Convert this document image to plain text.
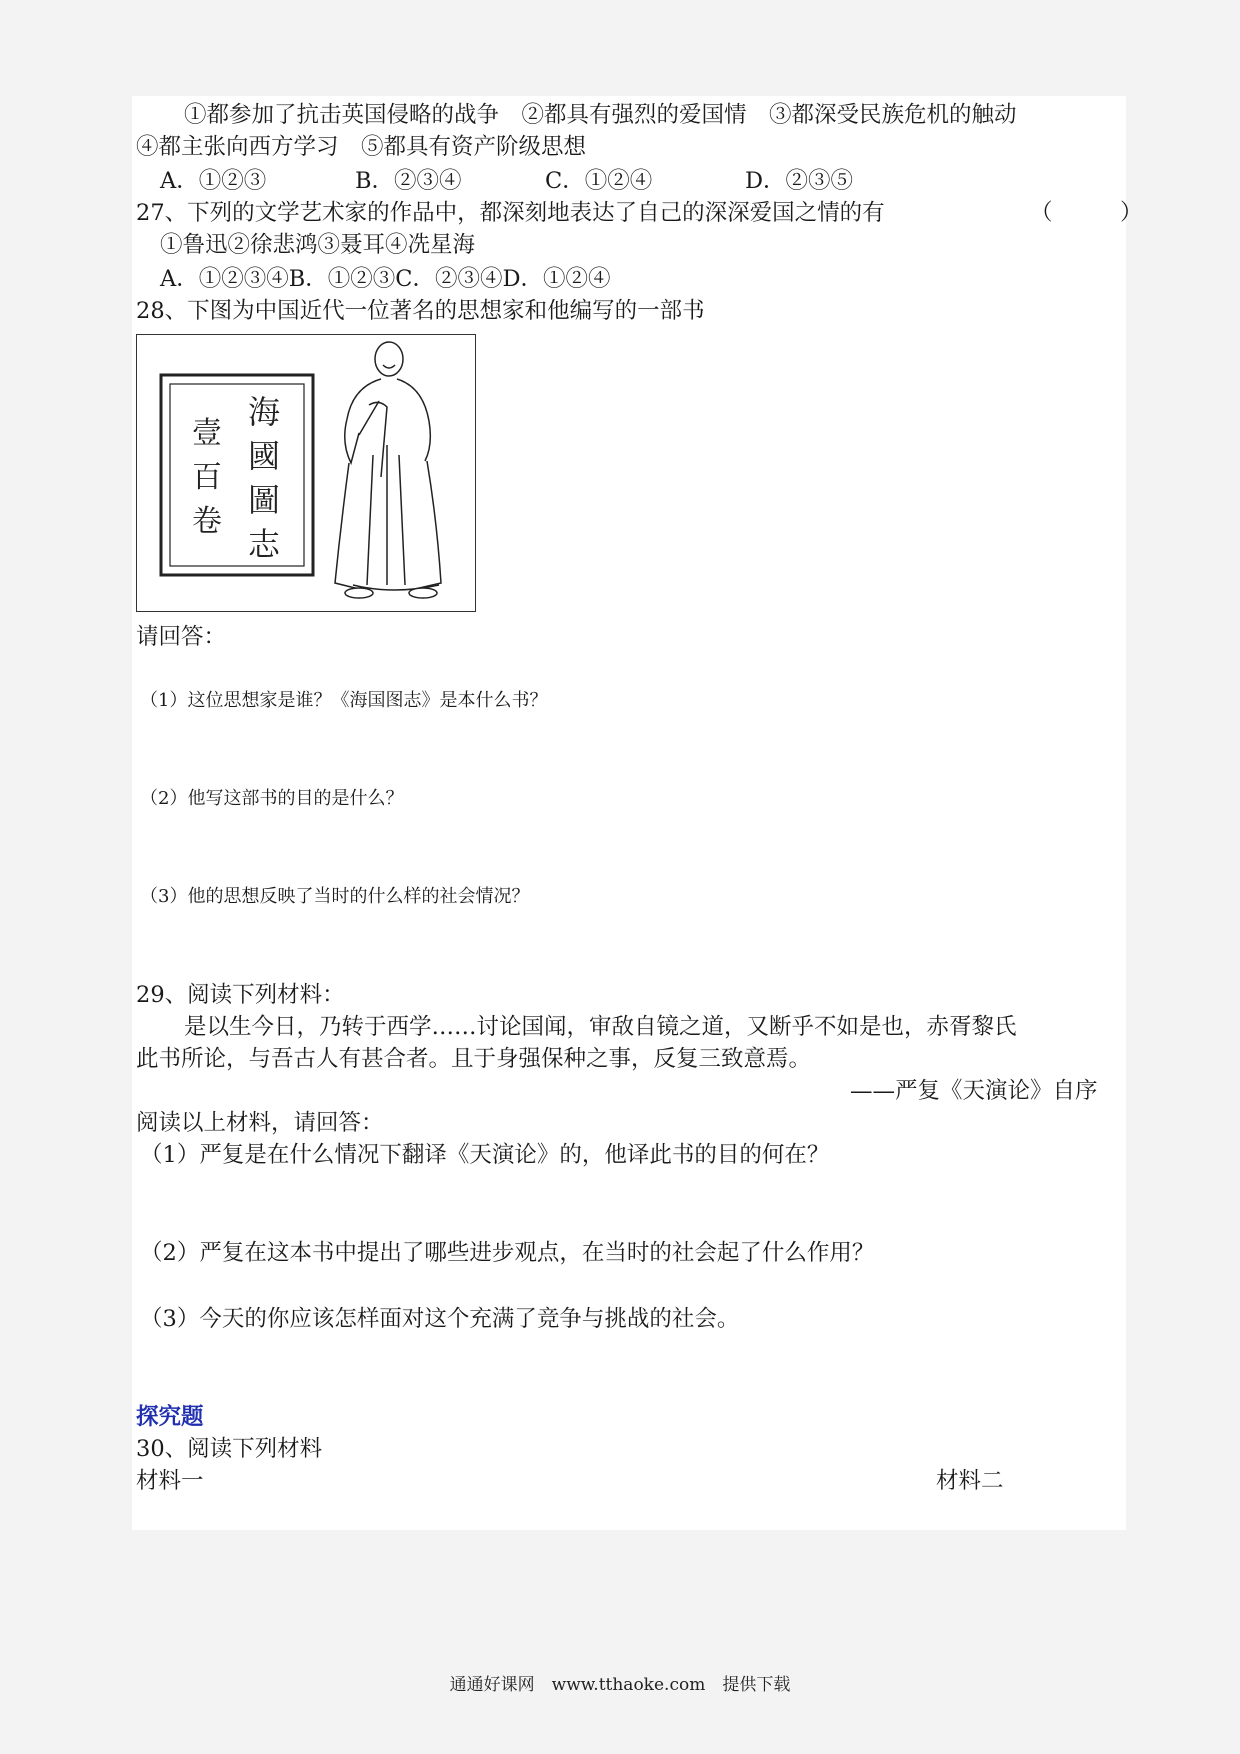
①都参加了抗击英国侵略的战争　②都具有强烈的爱国情　③都深受民族危机的触动
④都主张向西方学习　⑤都具有资产阶级思想
A．①②③	B．②③④	C．①②④	D．②③⑤
27、下列的文学艺术家的作品中，都深刻地表达了自己的深深爱国之情的有	（　　　）
①鲁迅②徐悲鸿③聂耳④冼星海
A．①②③④B．①②③C．②③④D．①②④
28、下图为中国近代一位著名的思想家和他编写的一部书
海
國
圖
志
壹
百
卷
请回答：
（1）这位思想家是谁？《海国图志》是本什么书？
（2）他写这部书的目的是什么？
（3）他的思想反映了当时的什么样的社会情况？
29、阅读下列材料：
是以生今日，乃转于西学……讨论国闻，审敌自镜之道，又断乎不如是也，赤胥黎氏
此书所论，与吾古人有甚合者。且于身强保种之事，反复三致意焉。
——严复《天演论》自序
阅读以上材料，请回答：
（1）严复是在什么情况下翻译《天演论》的，他译此书的目的何在？
（2）严复在这本书中提出了哪些进步观点，在当时的社会起了什么作用？
（3）今天的你应该怎样面对这个充满了竞争与挑战的社会。
探究题
30、阅读下列材料
材料一	材料二
通通好课网　www.tthaoke.com　提供下载
